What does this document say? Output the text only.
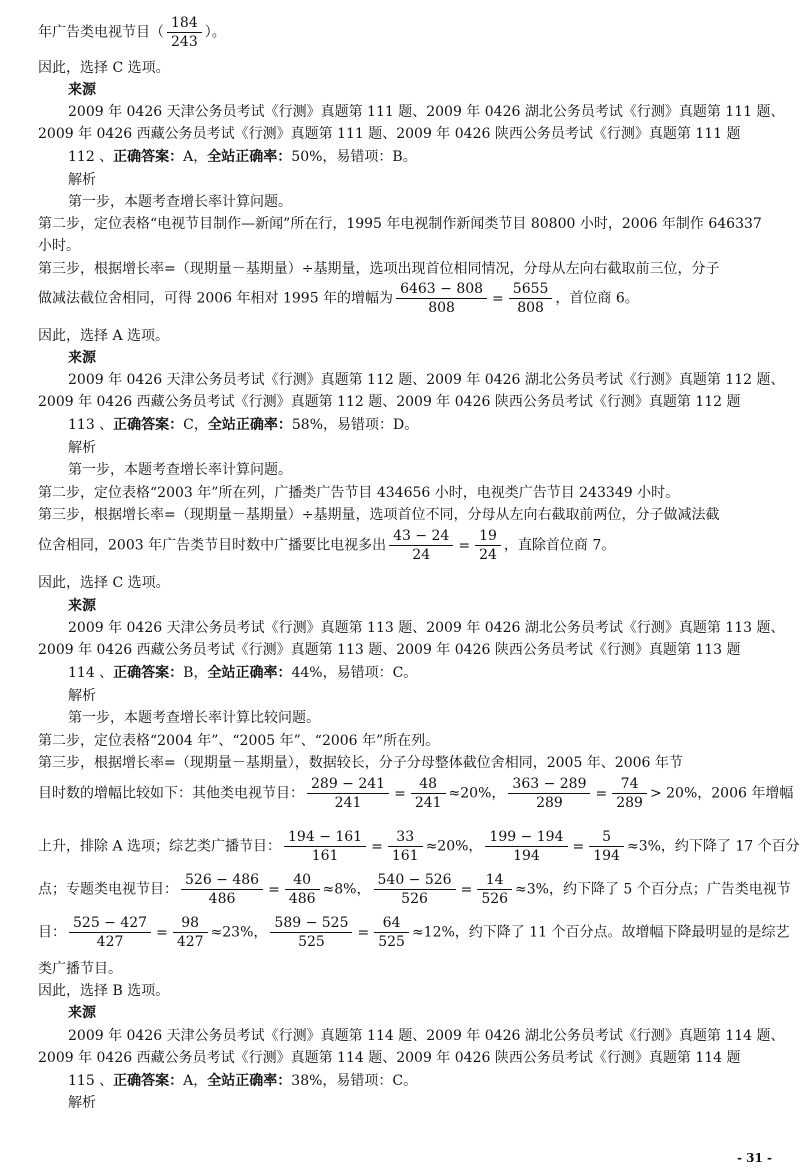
年广告类电视节目（ $\frac{184}{243}$ ）。
因此，选择 C 选项。
来源
2009 年 0426 天津公务员考试《行测》真题第 111 题、2009 年 0426 湖北公务员考试《行测》真题第 111 题、
2009 年 0426 西藏公务员考试《行测》真题第 111 题、2009 年 0426 陕西公务员考试《行测》真题第 111 题
112 、正确答案：A，全站正确率：50%，易错项：B。
解析
第一步，本题考查增长率计算问题。
第二步，定位表格“电视节目制作—新闻”所在行，1995 年电视制作新闻类节目 80800 小时，2006 年制作 646337
小时。
第三步，根据增长率=（现期量－基期量）÷基期量，选项出现首位相同情况，分母从左向右截取前三位，分子
做减法截位舍相同，可得 2006 年相对 1995 年的增幅为 $\frac{6463 - 808}{808} = \frac{5655}{808}$ ，首位商 6。
因此，选择 A 选项。
来源
2009 年 0426 天津公务员考试《行测》真题第 112 题、2009 年 0426 湖北公务员考试《行测》真题第 112 题、
2009 年 0426 西藏公务员考试《行测》真题第 112 题、2009 年 0426 陕西公务员考试《行测》真题第 112 题
113 、正确答案：C，全站正确率：58%，易错项：D。
解析
第一步，本题考查增长率计算问题。
第二步，定位表格“2003 年”所在列，广播类广告节目 434656 小时，电视类广告节目 243349 小时。
第三步，根据增长率=（现期量－基期量）÷基期量，选项首位不同，分母从左向右截取前两位，分子做减法截
位舍相同，2003 年广告类节目时数中广播要比电视多出 $\frac{43 - 24}{24} = \frac{19}{24}$ ，直除首位商 7。
因此，选择 C 选项。
来源
2009 年 0426 天津公务员考试《行测》真题第 113 题、2009 年 0426 湖北公务员考试《行测》真题第 113 题、
2009 年 0426 西藏公务员考试《行测》真题第 113 题、2009 年 0426 陕西公务员考试《行测》真题第 113 题
114 、正确答案：B，全站正确率：44%，易错项：C。
解析
第一步，本题考查增长率计算比较问题。
第二步，定位表格“2004 年”、“2005 年”、“2006 年”所在列。
第三步，根据增长率=（现期量－基期量），数据较长，分子分母整体截位舍相同，2005 年、2006 年节
目时数的增幅比较如下：其他类电视节目： $\frac{289 - 241}{241} = \frac{48}{241} \approx 20\%$， $\frac{363 - 289}{289} = \frac{74}{289} > 20\%$，2006 年增幅
上升，排除 A 选项；综艺类广播节目： $\frac{194 - 161}{161} = \frac{33}{161} \approx 20\%$， $\frac{199 - 194}{194} = \frac{5}{194} \approx 3\%$，约下降了 17 个百分
点；专题类电视节目： $\frac{526 - 486}{486} = \frac{40}{486} \approx 8\%$， $\frac{540 - 526}{526} = \frac{14}{526} \approx 3\%$，约下降了 5 个百分点；广告类电视节
目： $\frac{525 - 427}{427} = \frac{98}{427} \approx 23\%$， $\frac{589 - 525}{525} = \frac{64}{525} \approx 12\%$，约下降了 11 个百分点。故增幅下降最明显的是综艺
类广播节目。
因此，选择 B 选项。
来源
2009 年 0426 天津公务员考试《行测》真题第 114 题、2009 年 0426 湖北公务员考试《行测》真题第 114 题、
2009 年 0426 西藏公务员考试《行测》真题第 114 题、2009 年 0426 陕西公务员考试《行测》真题第 114 题
115 、正确答案：A，全站正确率：38%，易错项：C。
解析
- 31 -
